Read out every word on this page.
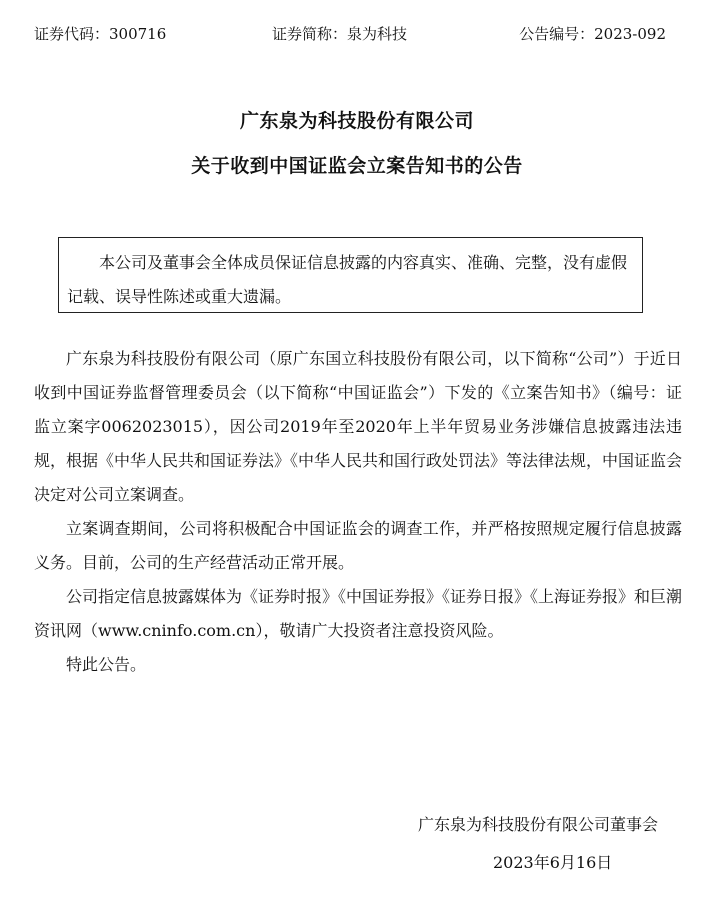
证券代码：300716	证券简称：泉为科技	公告编号：2023-092
广东泉为科技股份有限公司
关于收到中国证监会立案告知书的公告

本公司及董事会全体成员保证信息披露的内容真实、准确、完整，没有虚假记载、误导性陈述或重大遗漏。

广东泉为科技股份有限公司（原广东国立科技股份有限公司，以下简称“公司”）于近日收到中国证券监督管理委员会（以下简称“中国证监会”）下发的《立案告知书》（编号：证监立案字0062023015），因公司2019年至2020年上半年贸易业务涉嫌信息披露违法违规，根据《中华人民共和国证券法》《中华人民共和国行政处罚法》等法律法规，中国证监会决定对公司立案调查。

立案调查期间，公司将积极配合中国证监会的调查工作，并严格按照规定履行信息披露义务。目前，公司的生产经营活动正常开展。

公司指定信息披露媒体为《证券时报》《中国证券报》《证券日报》《上海证券报》和巨潮资讯网（www.cninfo.com.cn），敬请广大投资者注意投资风险。

特此公告。

广东泉为科技股份有限公司董事会
2023年6月16日
